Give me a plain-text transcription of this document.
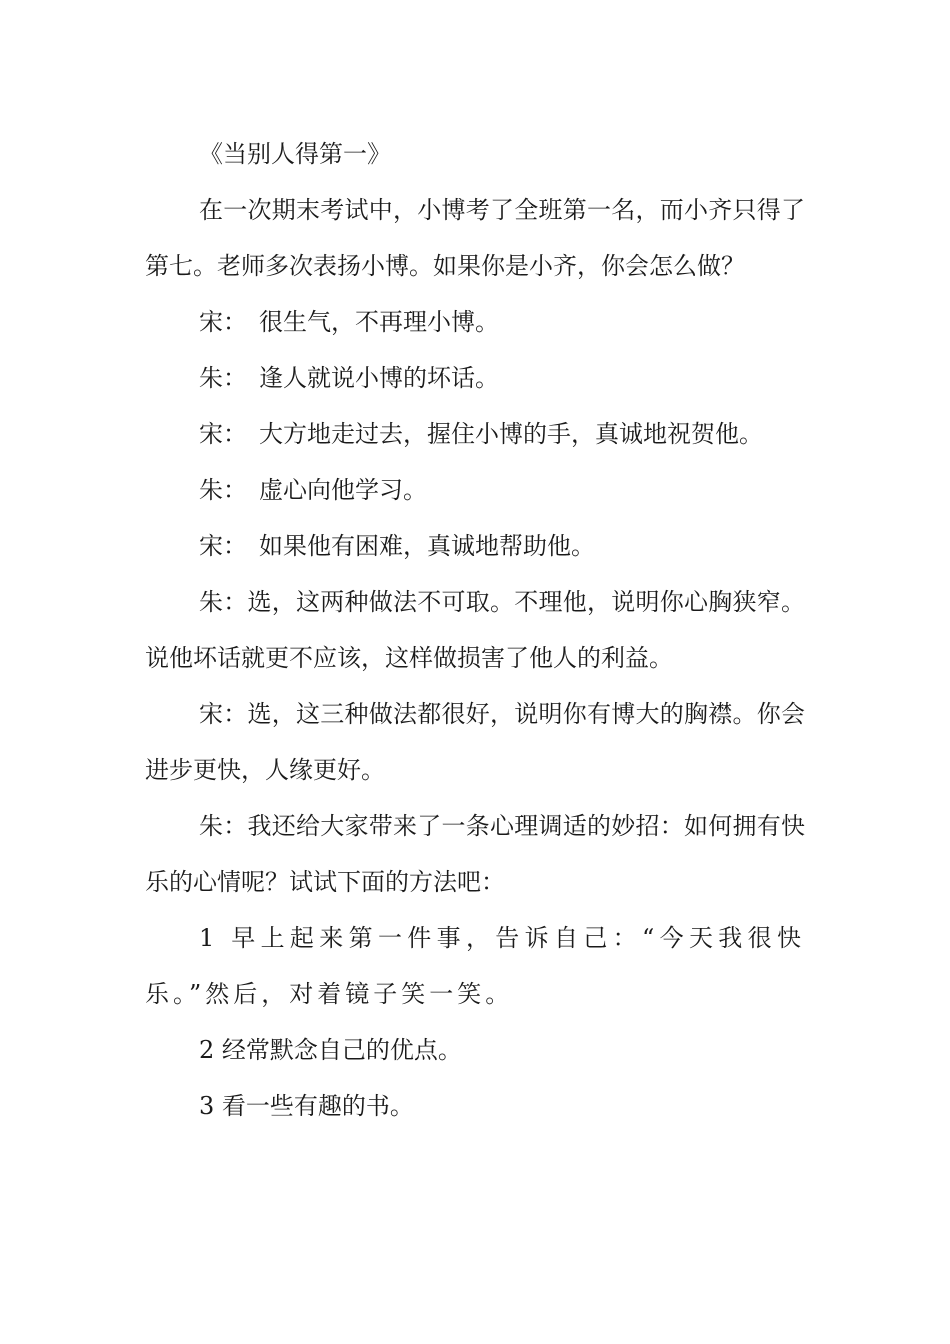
《当别人得第一》

在一次期末考试中，小博考了全班第一名，而小齐只得了第七。老师多次表扬小博。如果你是小齐，你会怎么做？

宋： 很生气，不再理小博。

朱： 逢人就说小博的坏话。

宋： 大方地走过去，握住小博的手，真诚地祝贺他。

朱： 虚心向他学习。

宋： 如果他有困难，真诚地帮助他。

朱：选，这两种做法不可取。不理他，说明你心胸狭窄。说他坏话就更不应该，这样做损害了他人的利益。

宋：选，这三种做法都很好，说明你有博大的胸襟。你会进步更快，人缘更好。

朱：我还给大家带来了一条心理调适的妙招：如何拥有快乐的心情呢？试试下面的方法吧：

1 早上起来第一件事，告诉自己：“今天我很快乐。”然后，对着镜子笑一笑。

2 经常默念自己的优点。

3 看一些有趣的书。
